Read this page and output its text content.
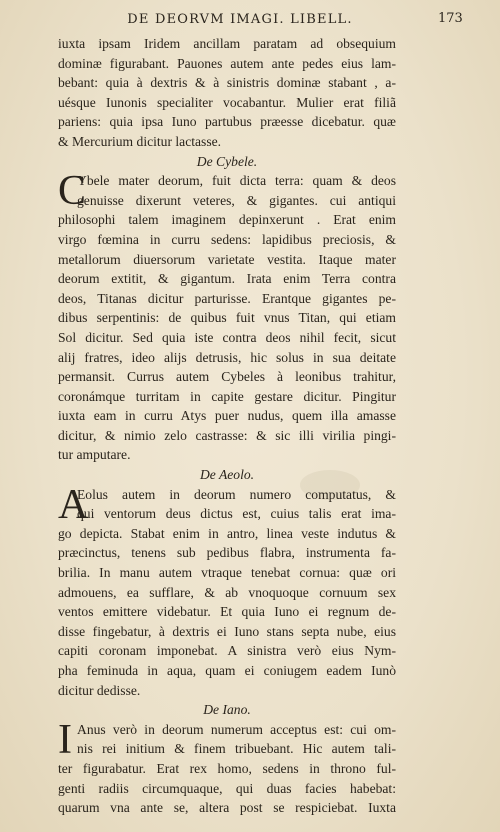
DE DEORVM IMAGI. LIBELL.	173
iuxta ipsam Iridem ancillam paratam ad obsequium
dominæ figurabant. Pauones autem ante pedes eius lam-
bebant: quia à dextris & à sinistris dominæ stabant , a-
uésque Iunonis specialiter vocabantur. Mulier erat filiã
pariens: quia ipsa Iuno partubus præesse dicebatur. quæ
& Mercurium dicitur lactasse.
De Cybele.
C
Ybele mater deorum, fuit dicta terra: quam & deos
genuisse dixerunt veteres, & gigantes. cui antiqui
philosophi talem imaginem depinxerunt . Erat enim
virgo fœmina in curru sedens: lapidibus preciosis, &
metallorum diuersorum varietate vestita. Itaque mater
deorum extitit, & gigantum. Irata enim Terra contra
deos, Titanas dicitur parturisse. Erantque gigantes pe-
dibus serpentinis: de quibus fuit vnus Titan, qui etiam
Sol dicitur. Sed quia iste contra deos nihil fecit, sicut
alij fratres, ideo alijs detrusis, hic solus in sua deitate
permansit. Currus autem Cybeles à leonibus trahitur,
coronámque turritam in capite gestare dicitur. Pingitur
iuxta eam in curru Atys puer nudus, quem illa amasse
dicitur, & nimio zelo castrasse: & sic illi virilia pingi-
tur amputare.
De Aeolo.
A
Eolus autem in deorum numero computatus, &
qui ventorum deus dictus est, cuius talis erat ima-
go depicta. Stabat enim in antro, linea veste indutus &
præcinctus, tenens sub pedibus flabra, instrumenta fa-
brilia. In manu autem vtraque tenebat cornua: quæ ori
admouens, ea sufflare, & ab vnoquoque cornuum sex
ventos emittere videbatur. Et quia Iuno ei regnum de-
disse fingebatur, à dextris ei Iuno stans septa nube, eius
capiti coronam imponebat. A sinistra verò eius Nym-
pha feminuda in aqua, quam ei coniugem eadem Iunò
dicitur dedisse.
De Iano.
I Anus verò in deorum numerum acceptus est: cui om-
nis rei initium & finem tribuebant. Hic autem tali-
ter figurabatur. Erat rex homo, sedens in throno ful-
genti radiis circumquaque, qui duas facies habebat:
quarum vna ante se, altera post se respiciebat. Iuxta
